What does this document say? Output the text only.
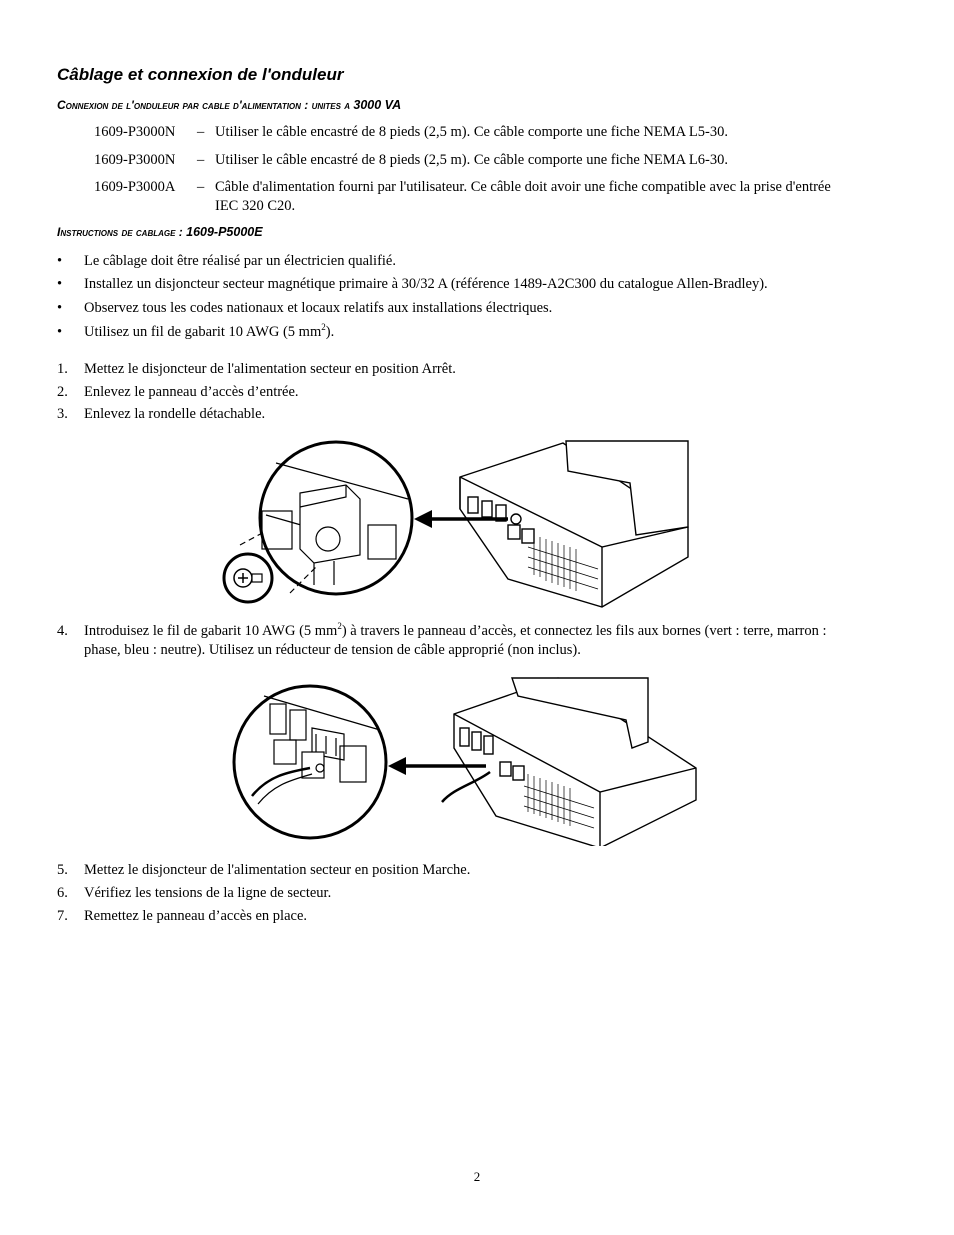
Câblage et connexion de l'onduleur
Connexion de l'onduleur par cable d'alimentation : unites a 3000 VA
1609-P3000N	– Utiliser le câble encastré de 8 pieds (2,5 m). Ce câble comporte une fiche NEMA L5-30.
1609-P3000N	– Utiliser le câble encastré de 8 pieds (2,5 m). Ce câble comporte une fiche NEMA L6-30.
1609-P3000A	– Câble d'alimentation fourni par l'utilisateur. Ce câble doit avoir une fiche compatible avec la prise d'entrée IEC 320 C20.
Instructions de cablage : 1609-P5000E
• Le câblage doit être réalisé par un électricien qualifié.
• Installez un disjoncteur secteur magnétique primaire à 30/32 A (référence 1489-A2C300 du catalogue Allen-Bradley).
• Observez tous les codes nationaux et locaux relatifs aux installations électriques.
• Utilisez un fil de gabarit 10 AWG (5 $mm^2$).
1. Mettez le disjoncteur de l'alimentation secteur en position Arrêt.
2. Enlevez le panneau d’accès d’entrée.
3. Enlevez la rondelle détachable.
4. Introduisez le fil de gabarit 10 AWG (5 $mm^2$) à travers le panneau d’accès, et connectez les fils aux bornes (vert : terre, marron : phase, bleu : neutre). Utilisez un réducteur de tension de câble approprié (non inclus).
5. Mettez le disjoncteur de l'alimentation secteur en position Marche.
6. Vérifiez les tensions de la ligne de secteur.
7. Remettez le panneau d’accès en place.
2
